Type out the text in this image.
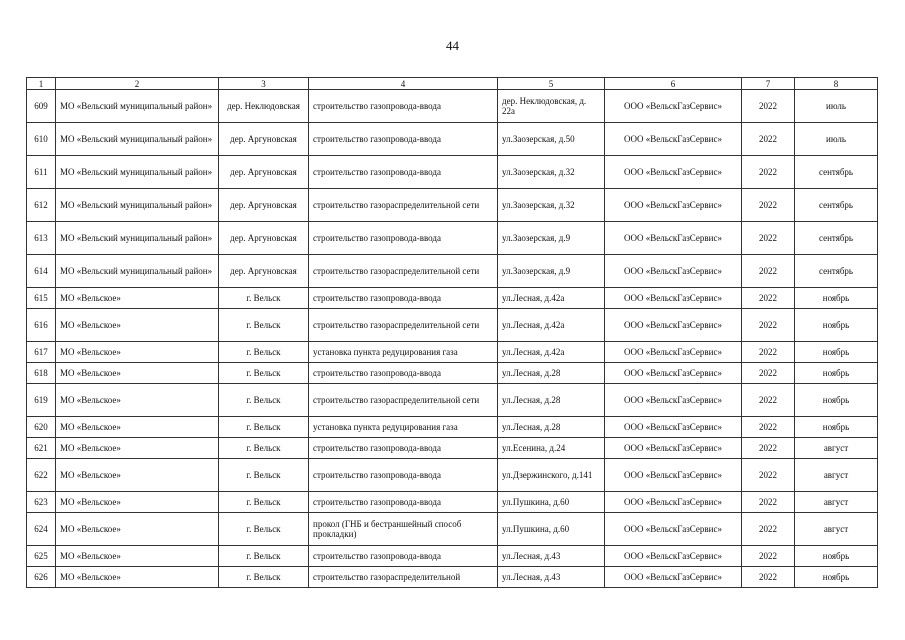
44
1	2	3	4	5	6	7	8
609	МО «Вельский муниципальный район»	дер. Неклюдовская	строительство газопровода-ввода	дер. Неклюдовская, д. 22а	ООО «ВельскГазСервис»	2022	июль
610	МО «Вельский муниципальный район»	дер. Аргуновская	строительство газопровода-ввода	ул.Заозерская, д.50	ООО «ВельскГазСервис»	2022	июль
611	МО «Вельский муниципальный район»	дер. Аргуновская	строительство газопровода-ввода	ул.Заозерская, д.32	ООО «ВельскГазСервис»	2022	сентябрь
612	МО «Вельский муниципальный район»	дер. Аргуновская	строительство газораспределительной сети	ул.Заозерская, д.32	ООО «ВельскГазСервис»	2022	сентябрь
613	МО «Вельский муниципальный район»	дер. Аргуновская	строительство газопровода-ввода	ул.Заозерская, д.9	ООО «ВельскГазСервис»	2022	сентябрь
614	МО «Вельский муниципальный район»	дер. Аргуновская	строительство газораспределительной сети	ул.Заозерская, д.9	ООО «ВельскГазСервис»	2022	сентябрь
615	МО «Вельское»	г. Вельск	строительство газопровода-ввода	ул.Лесная, д.42а	ООО «ВельскГазСервис»	2022	ноябрь
616	МО «Вельское»	г. Вельск	строительство газораспределительной сети	ул.Лесная, д.42а	ООО «ВельскГазСервис»	2022	ноябрь
617	МО «Вельское»	г. Вельск	установка пункта редуцирования газа	ул.Лесная, д.42а	ООО «ВельскГазСервис»	2022	ноябрь
618	МО «Вельское»	г. Вельск	строительство газопровода-ввода	ул.Лесная, д.28	ООО «ВельскГазСервис»	2022	ноябрь
619	МО «Вельское»	г. Вельск	строительство газораспределительной сети	ул.Лесная, д.28	ООО «ВельскГазСервис»	2022	ноябрь
620	МО «Вельское»	г. Вельск	установка пункта редуцирования газа	ул.Лесная, д.28	ООО «ВельскГазСервис»	2022	ноябрь
621	МО «Вельское»	г. Вельск	строительство газопровода-ввода	ул.Есенина, д.24	ООО «ВельскГазСервис»	2022	август
622	МО «Вельское»	г. Вельск	строительство газопровода-ввода	ул.Дзержинского, д.141	ООО «ВельскГазСервис»	2022	август
623	МО «Вельское»	г. Вельск	строительство газопровода-ввода	ул.Пушкина, д.60	ООО «ВельскГазСервис»	2022	август
624	МО «Вельское»	г. Вельск	прокол (ГНБ и бестраншейный способ прокладки)	ул.Пушкина, д.60	ООО «ВельскГазСервис»	2022	август
625	МО «Вельское»	г. Вельск	строительство газопровода-ввода	ул.Лесная, д.43	ООО «ВельскГазСервис»	2022	ноябрь
626	МО «Вельское»	г. Вельск	строительство газораспределительной	ул.Лесная, д.43	ООО «ВельскГазСервис»	2022	ноябрь
